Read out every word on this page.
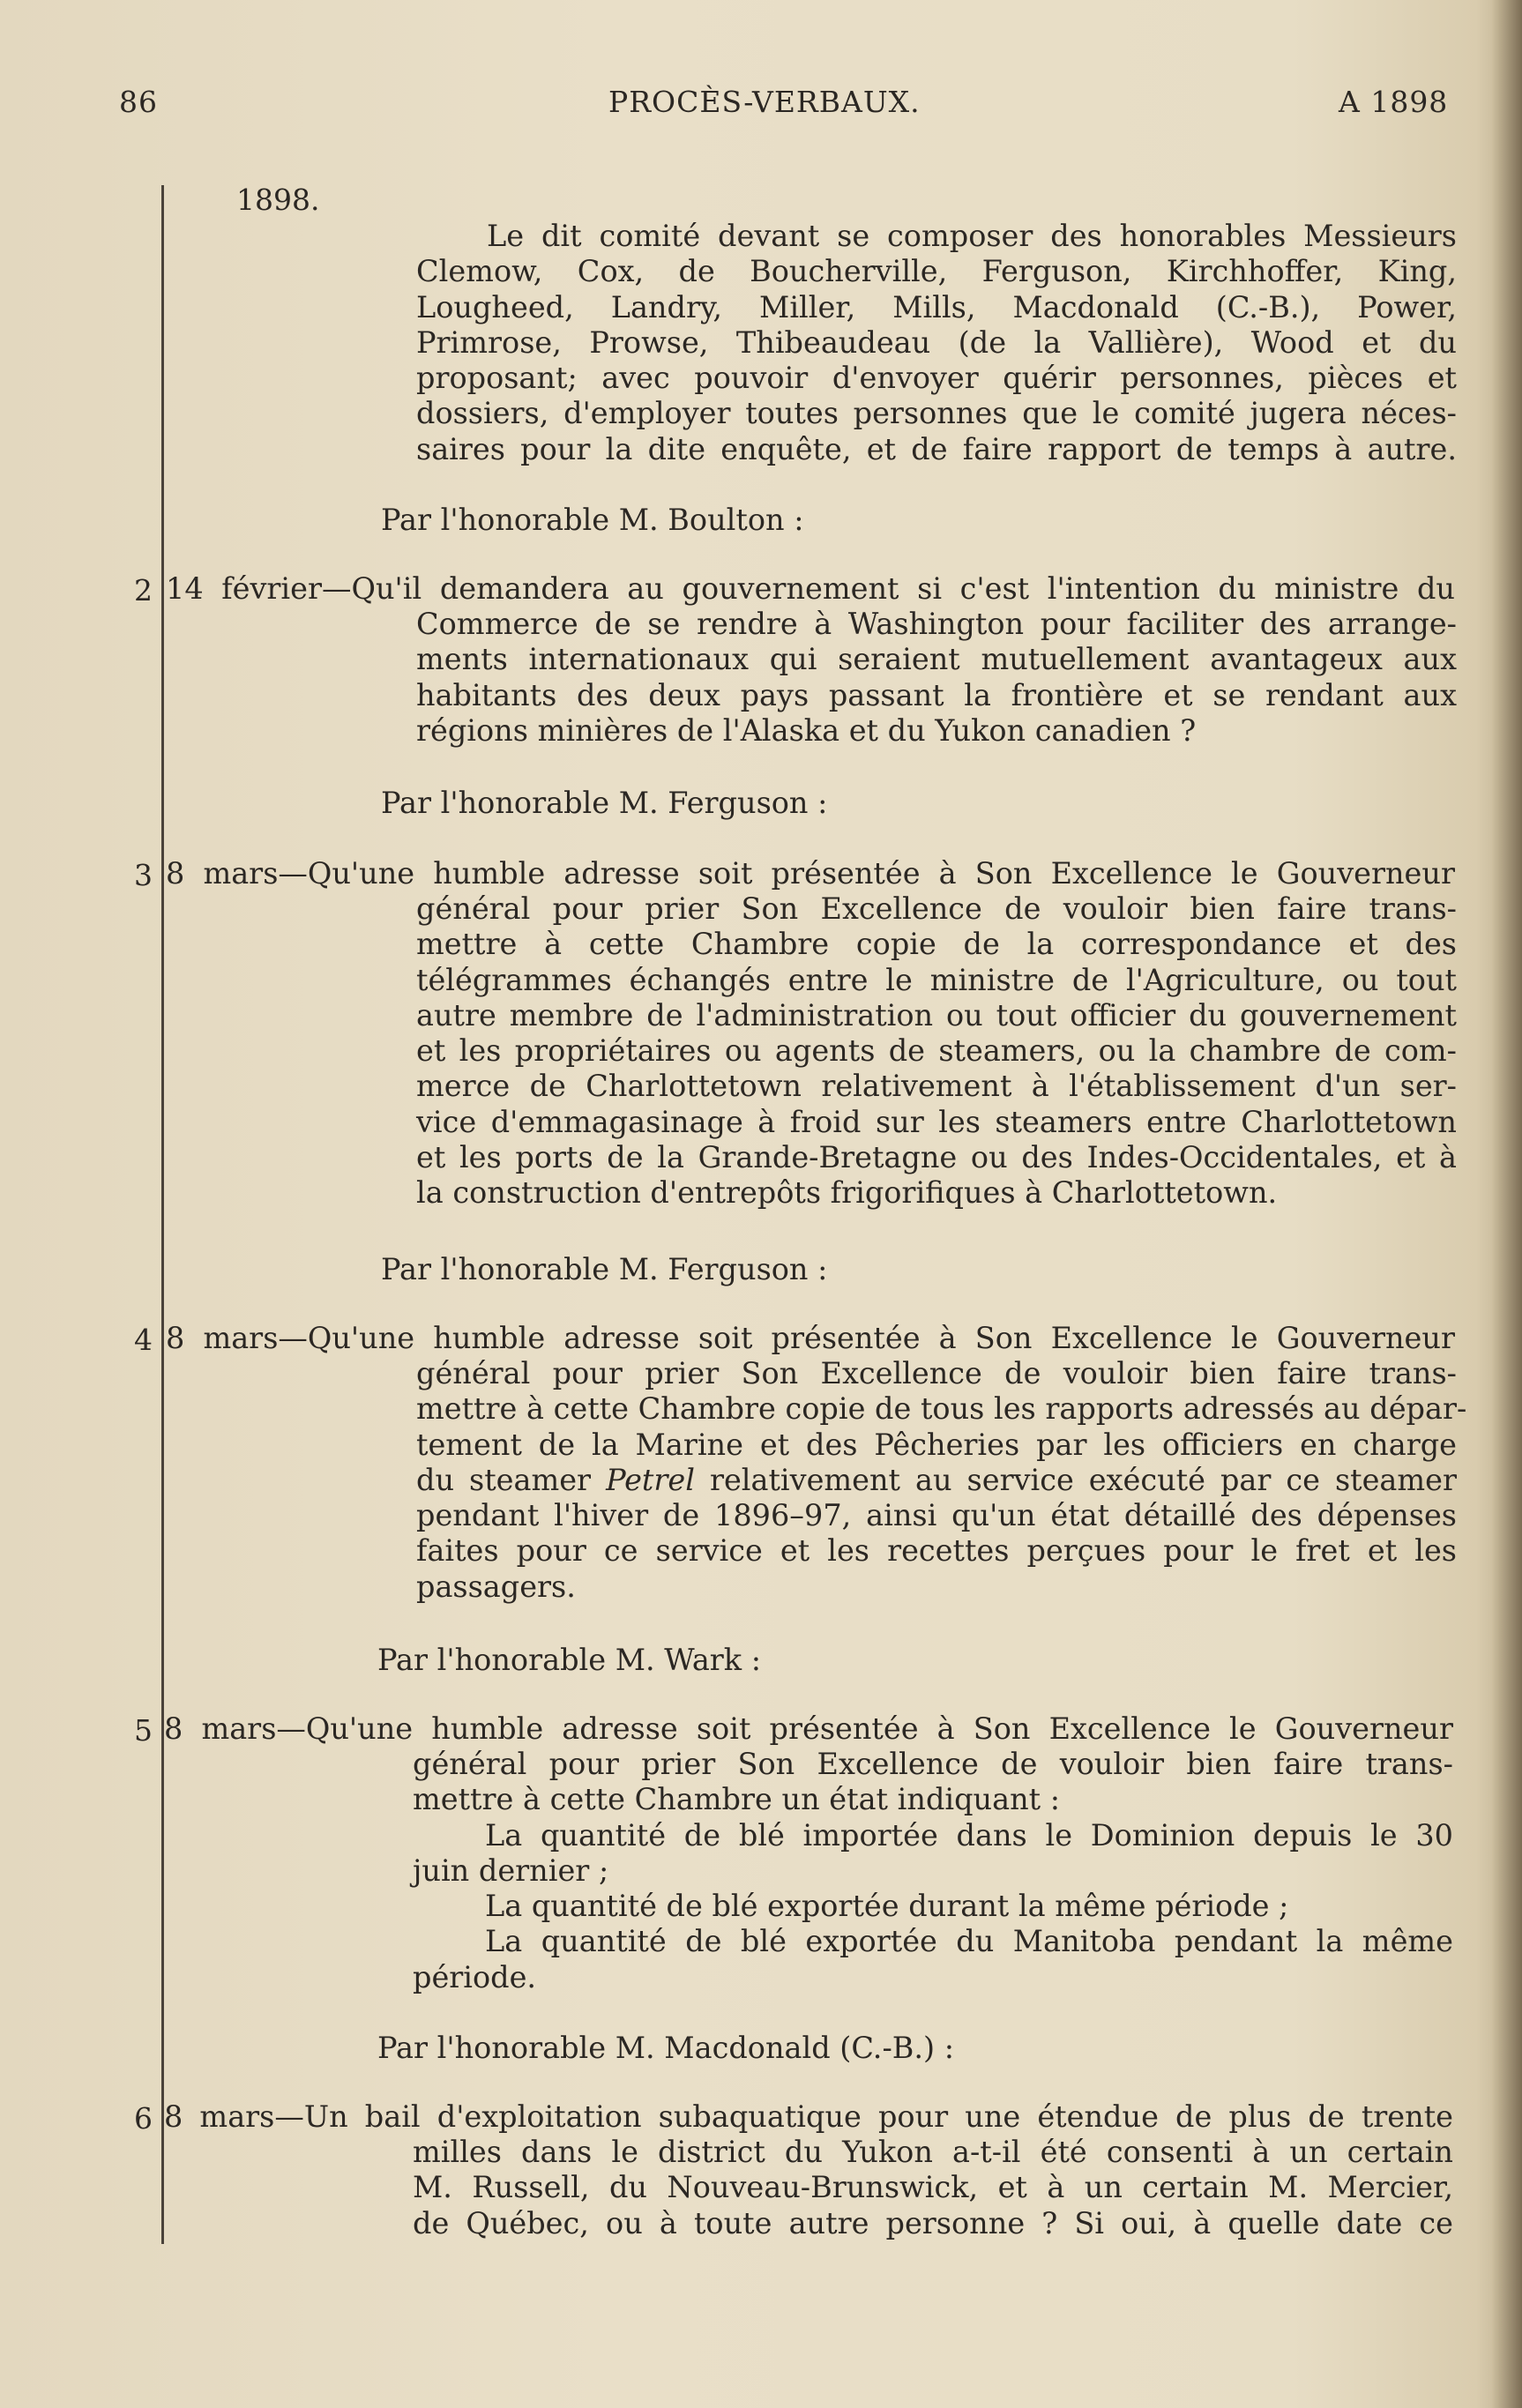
86	PROCÈS-VERBAUX.	A 1898
1898.
Le dit comité devant se composer des honorables Messieurs
Clemow, Cox, de Boucherville, Ferguson, Kirchhoffer, King,
Lougheed, Landry, Miller, Mills, Macdonald (C.-B.), Power,
Primrose, Prowse, Thibeaudeau (de la Vallière), Wood et du
proposant; avec pouvoir d'envoyer quérir personnes, pièces et
dossiers, d'employer toutes personnes que le comité jugera néces-
saires pour la dite enquête, et de faire rapport de temps à autre.
Par l'honorable M. Boulton :
2 14 février—Qu'il demandera au gouvernement si c'est l'intention du ministre du
Commerce de se rendre à Washington pour faciliter des arrange-
ments internationaux qui seraient mutuellement avantageux aux
habitants des deux pays passant la frontière et se rendant aux
régions minières de l'Alaska et du Yukon canadien ?
Par l'honorable M. Ferguson :
3 8 mars—Qu'une humble adresse soit présentée à Son Excellence le Gouverneur
général pour prier Son Excellence de vouloir bien faire trans-
mettre à cette Chambre copie de la correspondance et des
télégrammes échangés entre le ministre de l'Agriculture, ou tout
autre membre de l'administration ou tout officier du gouvernement
et les propriétaires ou agents de steamers, ou la chambre de com-
merce de Charlottetown relativement à l'établissement d'un ser-
vice d'emmagasinage à froid sur les steamers entre Charlottetown
et les ports de la Grande-Bretagne ou des Indes-Occidentales, et à
la construction d'entrepôts frigorifiques à Charlottetown.
Par l'honorable M. Ferguson :
4 8 mars—Qu'une humble adresse soit présentée à Son Excellence le Gouverneur
général pour prier Son Excellence de vouloir bien faire trans-
mettre à cette Chambre copie de tous les rapports adressés au dépar-
tement de la Marine et des Pêcheries par les officiers en charge
du steamer Petrel relativement au service exécuté par ce steamer
pendant l'hiver de 1896–97, ainsi qu'un état détaillé des dépenses
faites pour ce service et les recettes perçues pour le fret et les
passagers.
Par l'honorable M. Wark :
5 8 mars—Qu'une humble adresse soit présentée à Son Excellence le Gouverneur
général pour prier Son Excellence de vouloir bien faire trans-
mettre à cette Chambre un état indiquant :
La quantité de blé importée dans le Dominion depuis le 30
juin dernier ;
La quantité de blé exportée durant la même période ;
La quantité de blé exportée du Manitoba pendant la même
période.
Par l'honorable M. Macdonald (C.-B.) :
6 8 mars—Un bail d'exploitation subaquatique pour une étendue de plus de trente
milles dans le district du Yukon a-t-il été consenti à un certain
M. Russell, du Nouveau-Brunswick, et à un certain M. Mercier,
de Québec, ou à toute autre personne ? Si oui, à quelle date ce
